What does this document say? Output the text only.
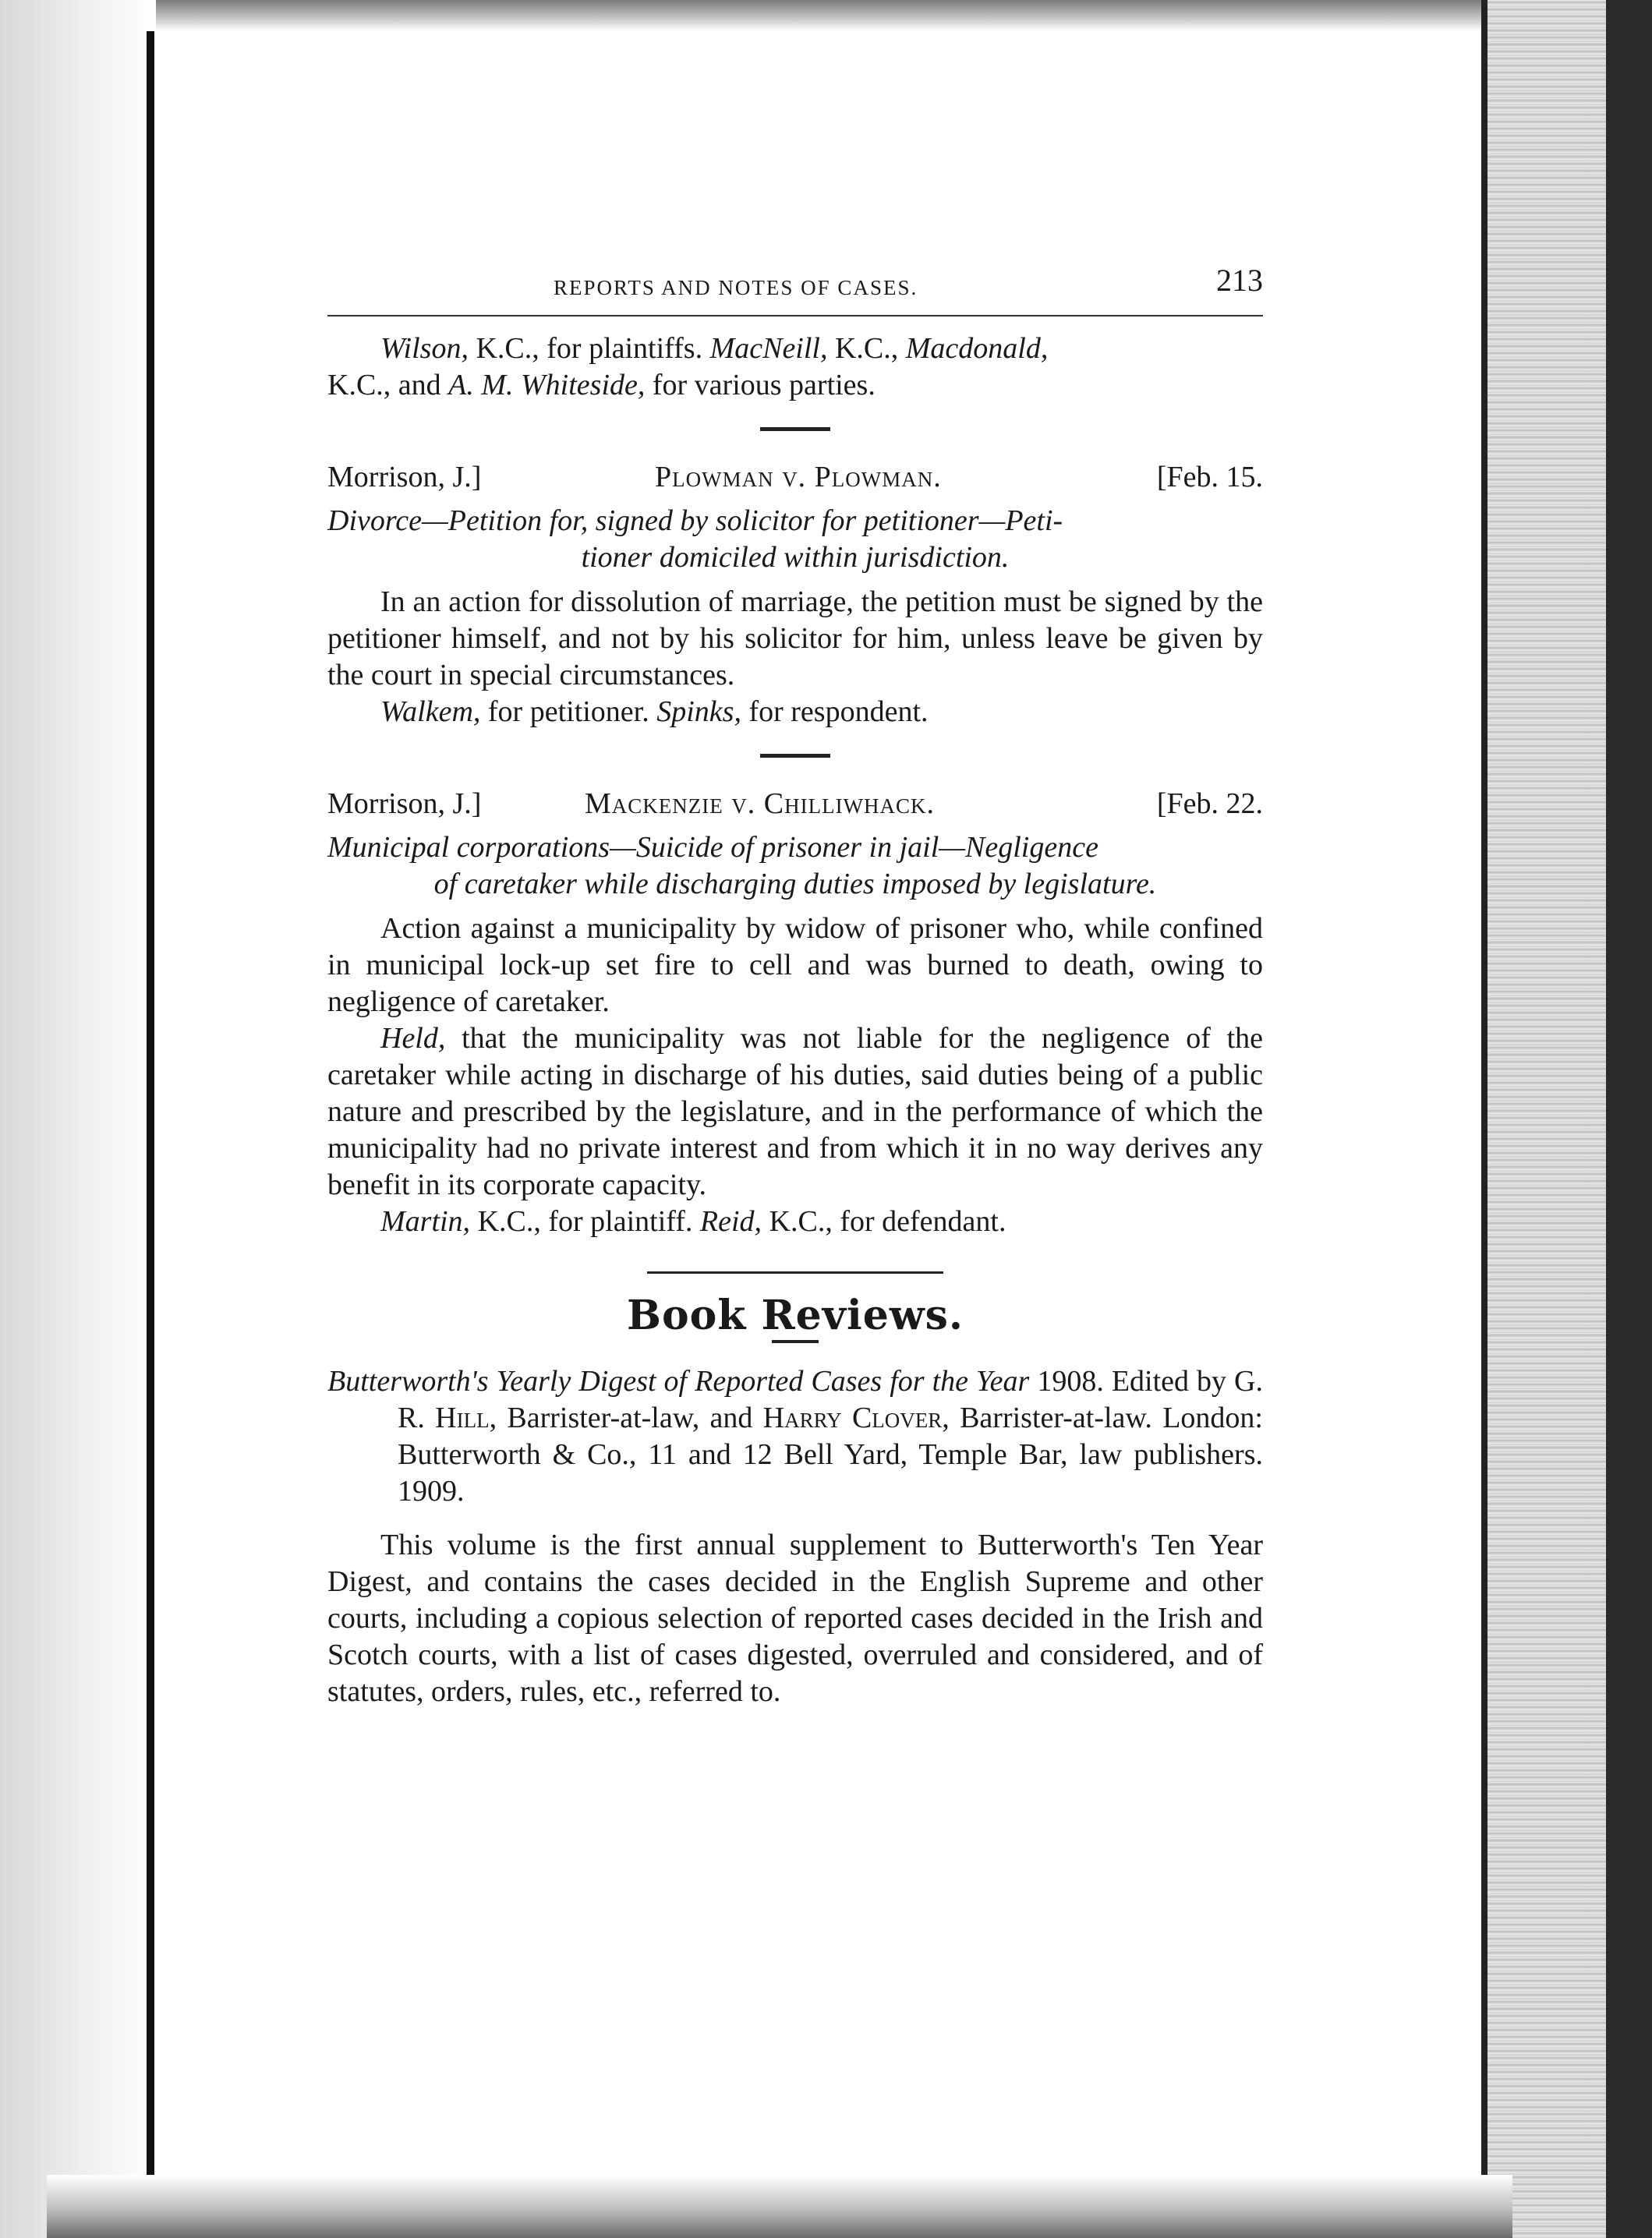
REPORTS AND NOTES OF CASES.	213

Wilson, K.C., for plaintiffs. MacNeill, K.C., Macdonald,

K.C., and A. M. Whiteside, for various parties.

Morrison, J.]	Plowman v. Plowman.	[Feb. 15.

Divorce—Petition for, signed by solicitor for petitioner—Peti-
tioner domiciled within jurisdiction.

In an action for dissolution of marriage, the petition must be signed by the petitioner himself, and not by his solicitor for him, unless leave be given by the court in special circumstances.

Walkem, for petitioner. Spinks, for respondent.

Morrison, J.]	Mackenzie v. Chilliwhack.	[Feb. 22.

Municipal corporations—Suicide of prisoner in jail—Negligence
of caretaker while discharging duties imposed by legislature.

Action against a municipality by widow of prisoner who, while confined in municipal lock-up set fire to cell and was burned to death, owing to negligence of caretaker.

Held, that the municipality was not liable for the negligence of the caretaker while acting in discharge of his duties, said duties being of a public nature and prescribed by the legislature, and in the performance of which the municipality had no private interest and from which it in no way derives any benefit in its corporate capacity.

Martin, K.C., for plaintiff. Reid, K.C., for defendant.

Book Reviews.

Butterworth's Yearly Digest of Reported Cases for the Year 1908. Edited by G. R. Hill, Barrister-at-law, and Harry Clover, Barrister-at-law. London: Butterworth & Co., 11 and 12 Bell Yard, Temple Bar, law publishers. 1909.

This volume is the first annual supplement to Butterworth's Ten Year Digest, and contains the cases decided in the English Supreme and other courts, including a copious selection of reported cases decided in the Irish and Scotch courts, with a list of cases digested, overruled and considered, and of statutes, orders, rules, etc., referred to.
